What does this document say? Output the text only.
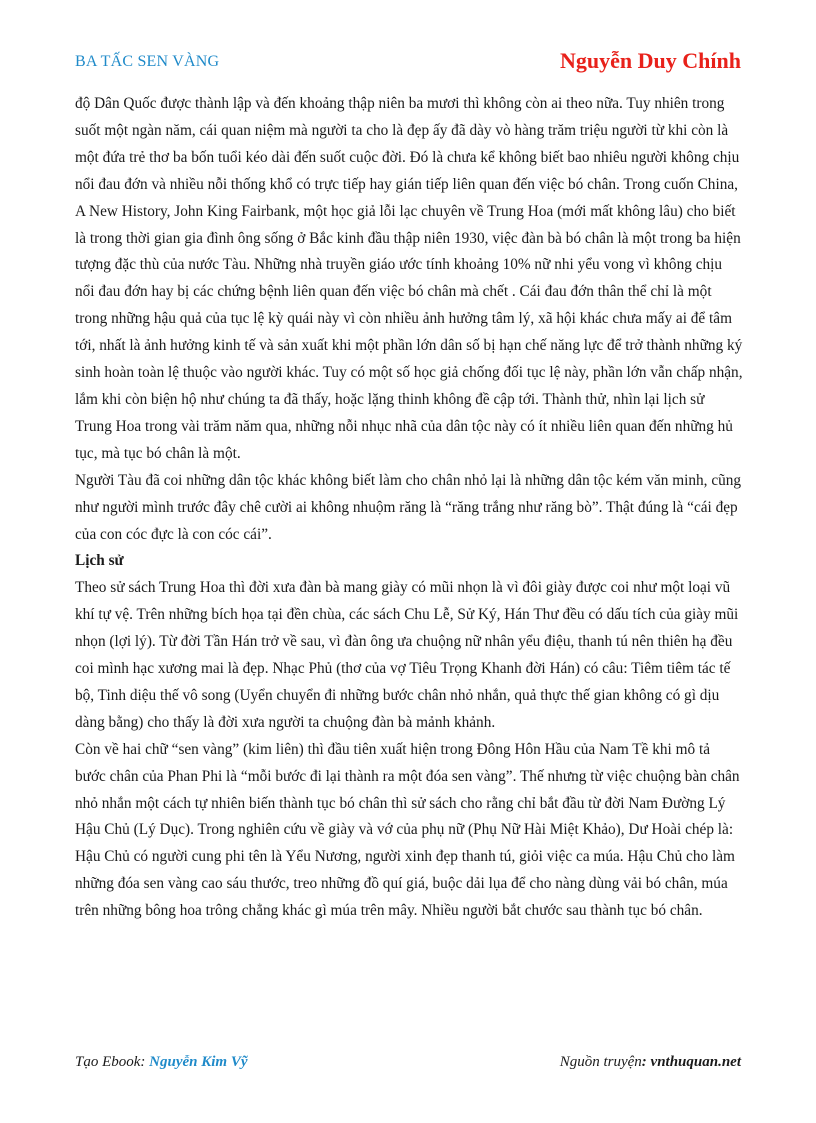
BA TẤC SEN VÀNG	Nguyễn Duy Chính

độ Dân Quốc được thành lập và đến khoảng thập niên ba mươi thì không còn ai theo nữa. Tuy nhiên trong suốt một ngàn năm, cái quan niệm mà người ta cho là đẹp ấy đã dày vò hàng trăm triệu người từ khi còn là một đứa trẻ thơ ba bốn tuổi kéo dài đến suốt cuộc đời. Đó là chưa kể không biết bao nhiêu người không chịu nổi đau đớn và nhiều nỗi thống khổ có trực tiếp hay gián tiếp liên quan đến việc bó chân. Trong cuốn China, A New History, John King Fairbank, một học giả lỗi lạc chuyên về Trung Hoa (mới mất không lâu) cho biết là trong thời gian gia đình ông sống ở Bắc kinh đầu thập niên 1930, việc đàn bà bó chân là một trong ba hiện tượng đặc thù của nước Tàu. Những nhà truyền giáo ước tính khoảng 10% nữ nhi yểu vong vì không chịu nổi đau đớn hay bị các chứng bệnh liên quan đến việc bó chân mà chết . Cái đau đớn thân thể chỉ là một trong những hậu quả của tục lệ kỳ quái này vì còn nhiều ảnh hưởng tâm lý, xã hội khác chưa mấy ai để tâm tới, nhất là ảnh hưởng kinh tế và sản xuất khi một phần lớn dân số bị hạn chế năng lực để trở thành những ký sinh hoàn toàn lệ thuộc vào người khác. Tuy có một số học giả chống đối tục lệ này, phần lớn vẫn chấp nhận, lắm khi còn biện hộ như chúng ta đã thấy, hoặc lặng thinh không đề cập tới. Thành thử, nhìn lại lịch sử Trung Hoa trong vài trăm năm qua, những nỗi nhục nhã của dân tộc này có ít nhiều liên quan đến những hủ tục, mà tục bó chân là một.

Người Tàu đã coi những dân tộc khác không biết làm cho chân nhỏ lại là những dân tộc kém văn minh, cũng như người mình trước đây chê cười ai không nhuộm răng là “răng trắng như răng bò”. Thật đúng là “cái đẹp của con cóc đực là con cóc cái”.

Lịch sử

Theo sử sách Trung Hoa thì đời xưa đàn bà mang giày có mũi nhọn là vì đôi giày được coi như một loại vũ khí tự vệ. Trên những bích họa tại đền chùa, các sách Chu Lễ, Sử Ký, Hán Thư đều có dấu tích của giày mũi nhọn (lợi lý). Từ đời Tần Hán trở về sau, vì đàn ông ưa chuộng nữ nhân yểu điệu, thanh tú nên thiên hạ đều coi mình hạc xương mai là đẹp. Nhạc Phủ (thơ của vợ Tiêu Trọng Khanh đời Hán) có câu: Tiêm tiêm tác tế bộ, Tinh diệu thế vô song (Uyển chuyển đi những bước chân nhỏ nhắn, quả thực thế gian không có gì dịu dàng bằng) cho thấy là đời xưa người ta chuộng đàn bà mảnh khảnh.

Còn về hai chữ “sen vàng” (kim liên) thì đầu tiên xuất hiện trong Đông Hôn Hầu của Nam Tề khi mô tả bước chân của Phan Phi là “mỗi bước đi lại thành ra một đóa sen vàng”. Thế nhưng từ việc chuộng bàn chân nhỏ nhắn một cách tự nhiên biến thành tục bó chân thì sử sách cho rằng chỉ bắt đầu từ đời Nam Đường Lý Hậu Chủ (Lý Dục). Trong nghiên cứu về giày và vớ của phụ nữ (Phụ Nữ Hài Miệt Khảo), Dư Hoài chép là: Hậu Chủ có người cung phi tên là Yểu Nương, người xinh đẹp thanh tú, giỏi việc ca múa. Hậu Chủ cho làm những đóa sen vàng cao sáu thước, treo những đồ quí giá, buộc dải lụa để cho nàng dùng vải bó chân, múa trên những bông hoa trông chẳng khác gì múa trên mây. Nhiều người bắt chước sau thành tục bó chân.

Tạo Ebook: Nguyễn Kim Vỹ	Nguồn truyện: vnthuquan.net
